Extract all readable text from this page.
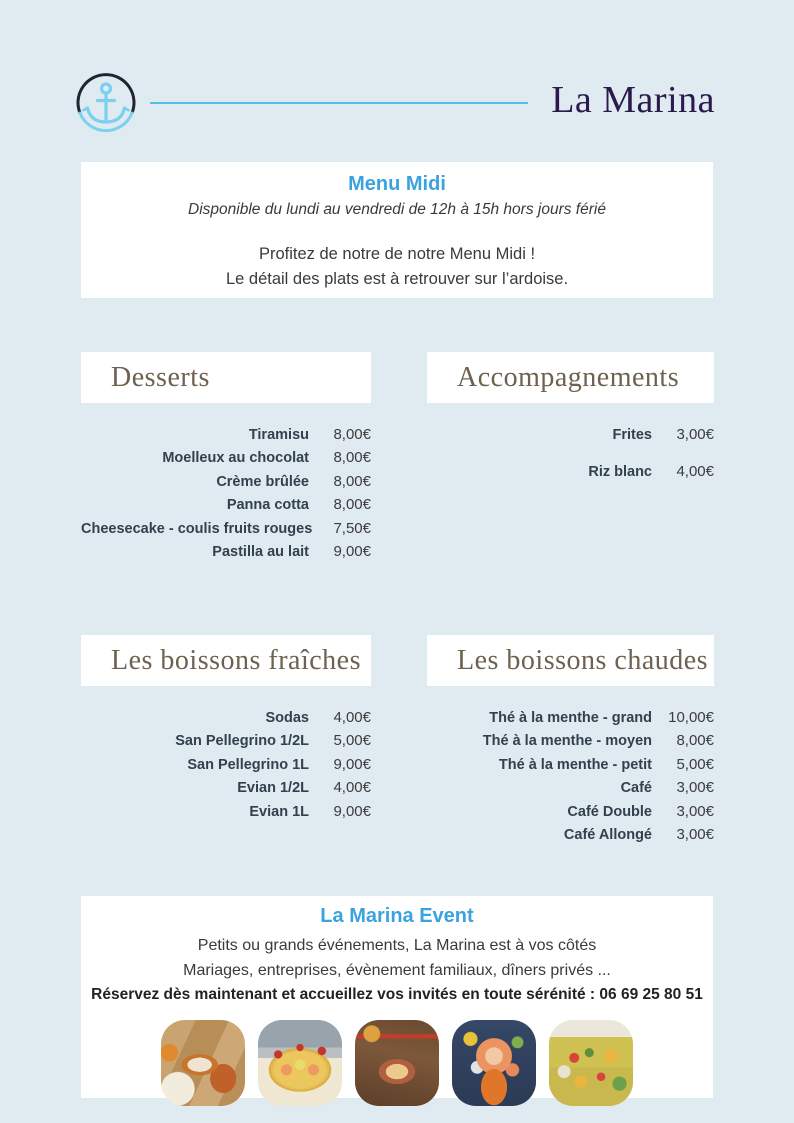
La Marina
Menu Midi

Disponible du lundi au vendredi de 12h à 15h hors jours férié

Profitez de notre de notre Menu Midi !

Le détail des plats est à retrouver sur l’ardoise.

Desserts
Tiramisu	8,00€
Moelleux au chocolat	8,00€
Crème brûlée	8,00€
Panna cotta	8,00€
Cheesecake - coulis fruits rouges	7,50€
Pastilla au lait	9,00€
Accompagnements
Frites	3,00€
Riz blanc	4,00€
Les boissons fraîches
Sodas	4,00€
San Pellegrino 1/2L	5,00€
San Pellegrino 1L	9,00€
Evian 1/2L	4,00€
Evian 1L	9,00€
Les boissons chaudes
Thé à la menthe - grand	10,00€
Thé à la menthe - moyen	8,00€
Thé à la menthe - petit	5,00€
Café	3,00€
Café Double	3,00€
Café Allongé	3,00€
La Marina Event

Petits ou grands événements, La Marina est à vos côtés

Mariages, entreprises, évènement familiaux, dîners privés ...

Réservez dès maintenant et accueillez vos invités en toute sérénité : 06 69 25 80 51
